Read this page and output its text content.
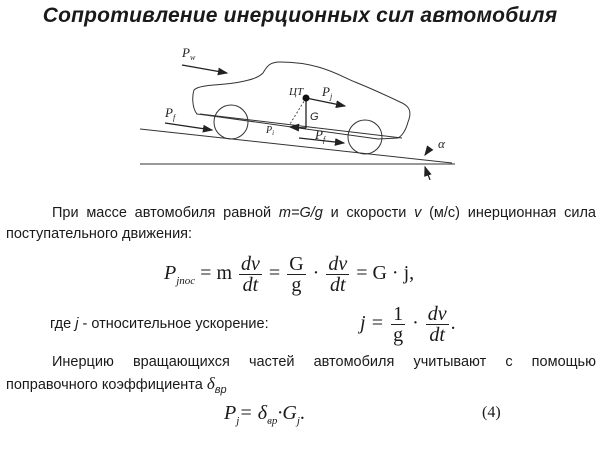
Сопротивление инерционных сил автомобиля
$P_w$
$P_f$
ЦТ $P_j$
G
$P_i$	$P_f$	α
При массе автомобиля равной m=G/g и скорости v (м/с) инерционная сила поступательного движения:
$P_{jпос} = m \frac{dv}{dt} = \frac{G}{g} \cdot \frac{dv}{dt} = G \cdot j$,
где j - относительное ускорение:	$j = \frac{1}{g} \cdot \frac{dv}{dt}$ .
Инерцию вращающихся частей автомобиля учитывают с помощью поправочного коэффициента $\delta_{вр}$
$P_j= \delta_{вр}\cdot G_j$.	(4)
